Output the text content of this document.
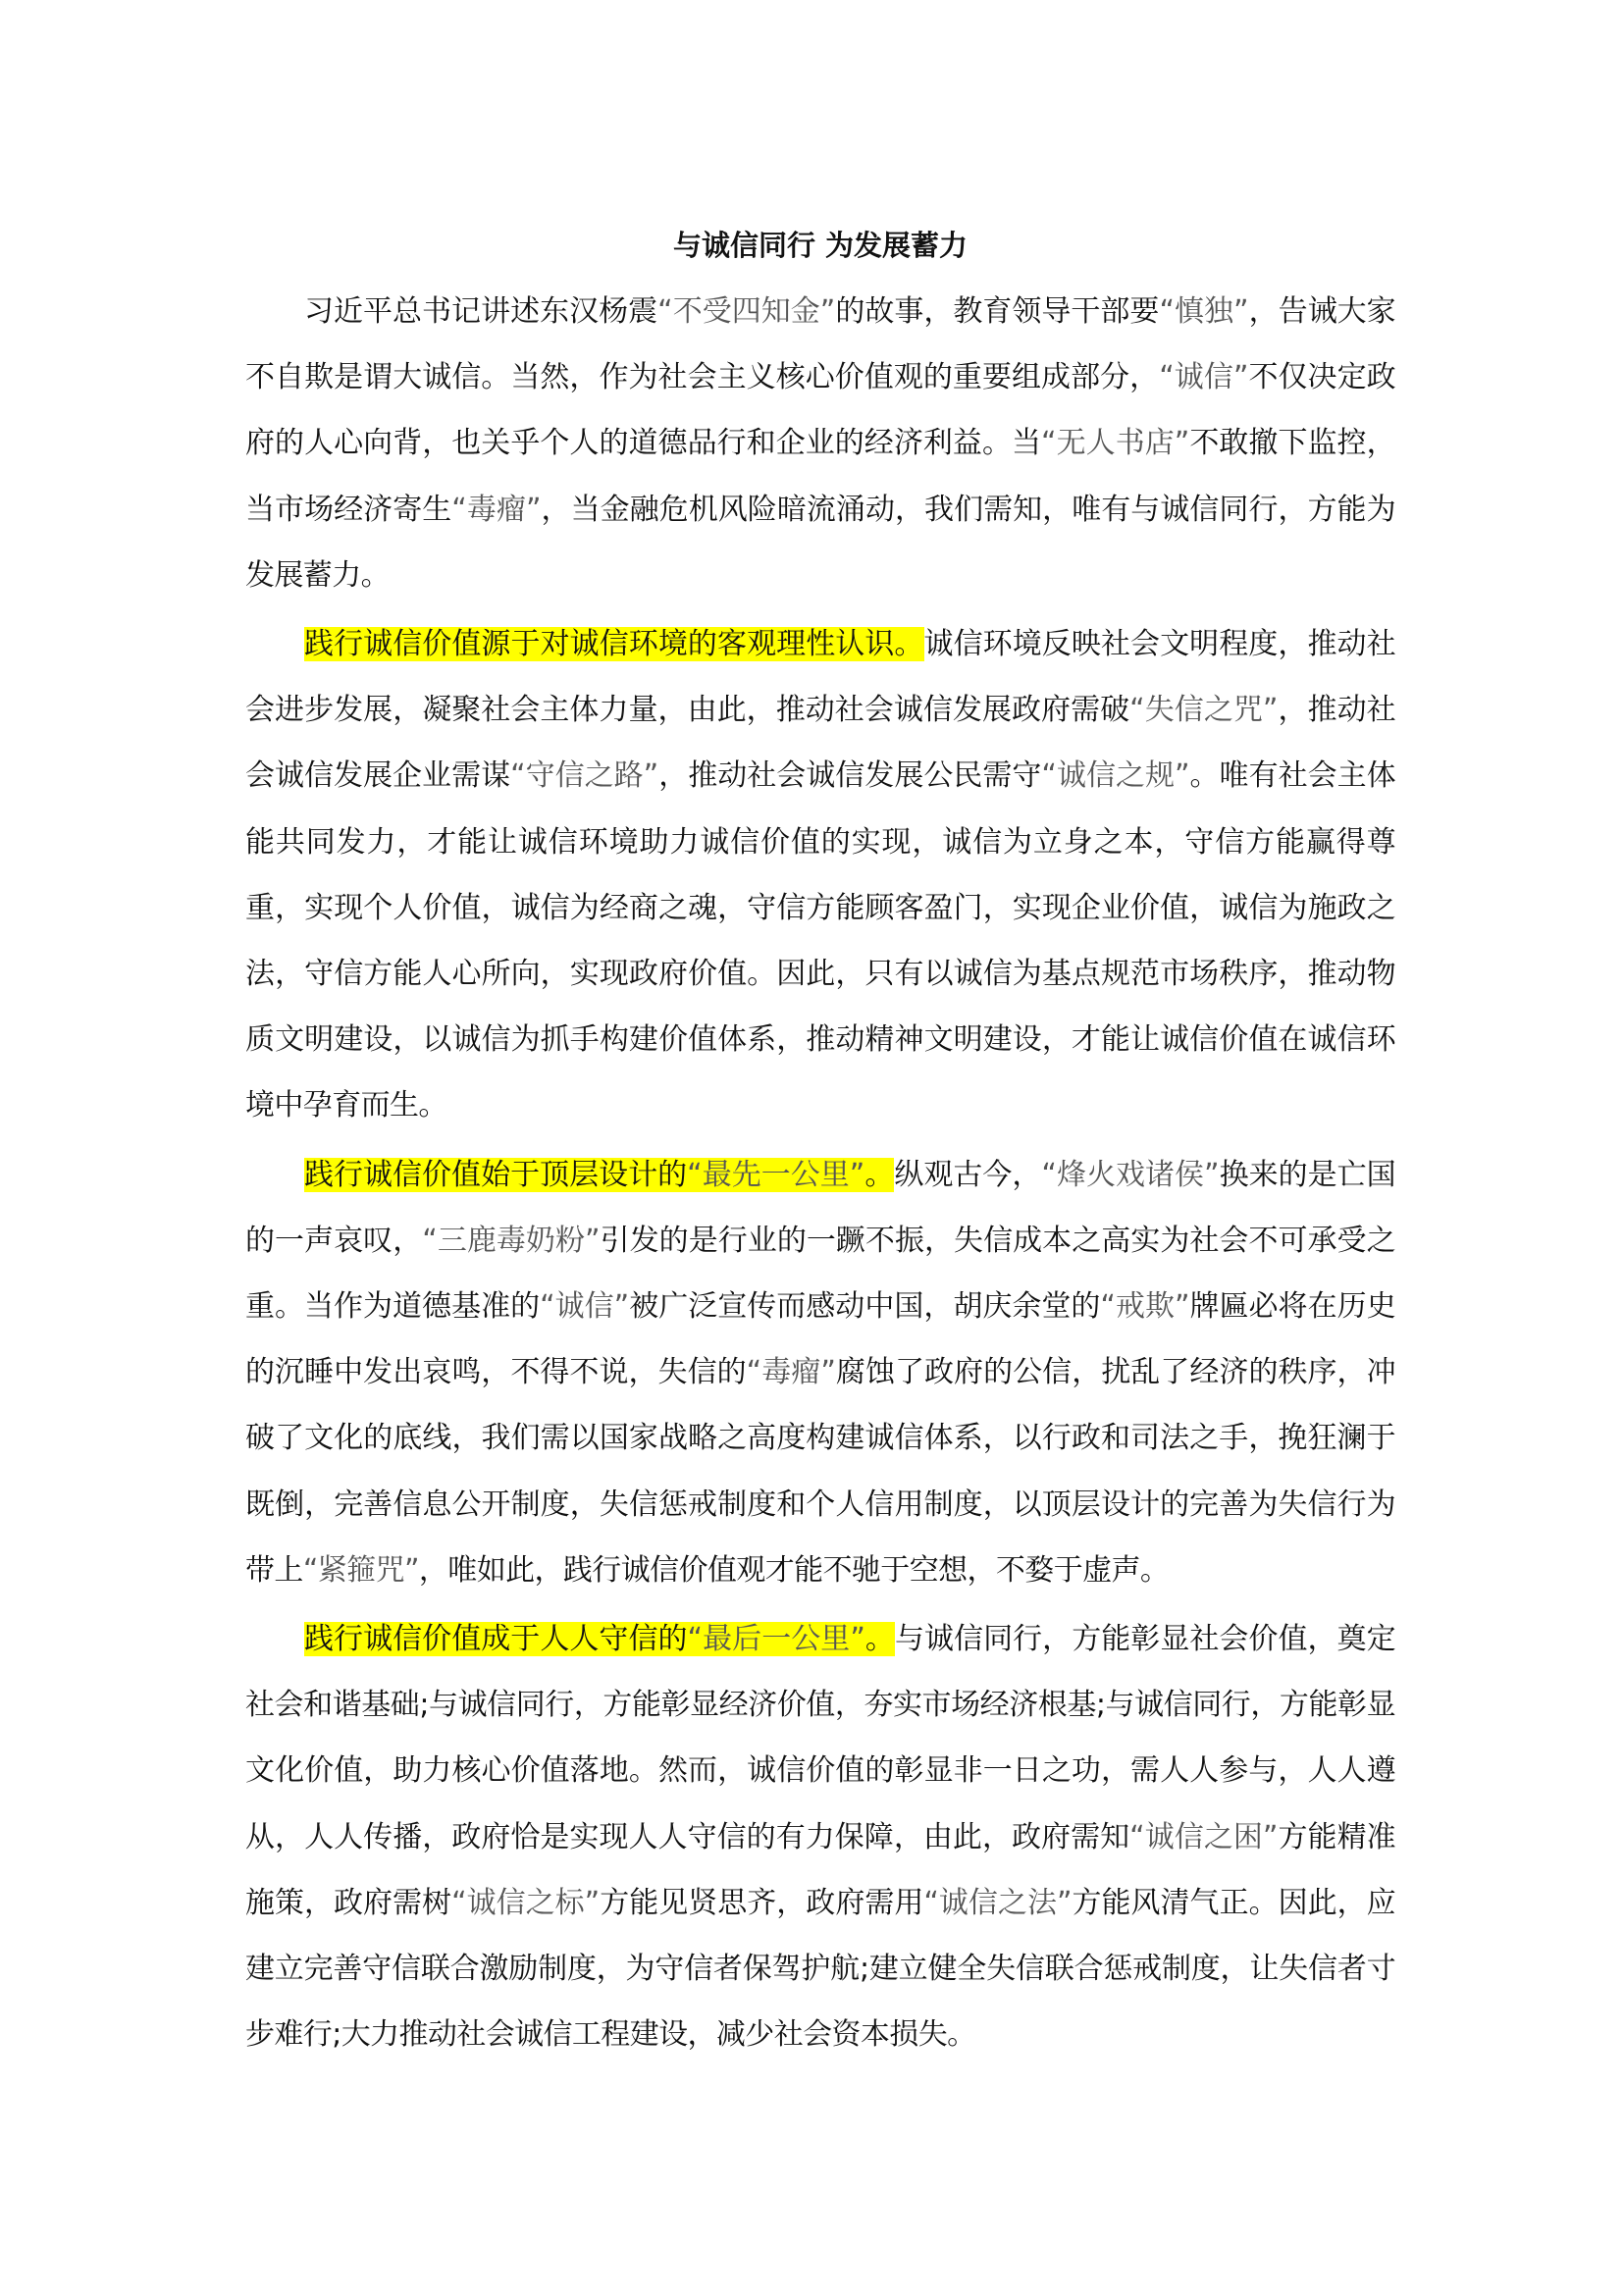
与诚信同行 为发展蓄力

习近平总书记讲述东汉杨震“不受四知金”的故事，教育领导干部要“慎独”，告诫大家不自欺是谓大诚信。当然，作为社会主义核心价值观的重要组成部分，“诚信”不仅决定政府的人心向背，也关乎个人的道德品行和企业的经济利益。当“无人书店”不敢撤下监控，当市场经济寄生“毒瘤”，当金融危机风险暗流涌动，我们需知，唯有与诚信同行，方能为发展蓄力。

践行诚信价值源于对诚信环境的客观理性认识。诚信环境反映社会文明程度，推动社会进步发展，凝聚社会主体力量，由此，推动社会诚信发展政府需破“失信之咒”，推动社会诚信发展企业需谋“守信之路”，推动社会诚信发展公民需守“诚信之规”。唯有社会主体能共同发力，才能让诚信环境助力诚信价值的实现，诚信为立身之本，守信方能赢得尊重，实现个人价值，诚信为经商之魂，守信方能顾客盈门，实现企业价值，诚信为施政之法，守信方能人心所向，实现政府价值。因此，只有以诚信为基点规范市场秩序，推动物质文明建设，以诚信为抓手构建价值体系，推动精神文明建设，才能让诚信价值在诚信环境中孕育而生。

践行诚信价值始于顶层设计的“最先一公里”。纵观古今，“烽火戏诸侯”换来的是亡国的一声哀叹，“三鹿毒奶粉”引发的是行业的一蹶不振，失信成本之高实为社会不可承受之重。当作为道德基准的“诚信”被广泛宣传而感动中国，胡庆余堂的“戒欺”牌匾必将在历史的沉睡中发出哀鸣，不得不说，失信的“毒瘤”腐蚀了政府的公信，扰乱了经济的秩序，冲破了文化的底线，我们需以国家战略之高度构建诚信体系，以行政和司法之手，挽狂澜于既倒，完善信息公开制度，失信惩戒制度和个人信用制度，以顶层设计的完善为失信行为带上“紧箍咒”，唯如此，践行诚信价值观才能不驰于空想，不婺于虚声。

践行诚信价值成于人人守信的“最后一公里”。与诚信同行，方能彰显社会价值，奠定社会和谐基础;与诚信同行，方能彰显经济价值，夯实市场经济根基;与诚信同行，方能彰显文化价值，助力核心价值落地。然而，诚信价值的彰显非一日之功，需人人参与，人人遵从，人人传播，政府恰是实现人人守信的有力保障，由此，政府需知“诚信之困”方能精准施策，政府需树“诚信之标”方能见贤思齐，政府需用“诚信之法”方能风清气正。因此，应建立完善守信联合激励制度，为守信者保驾护航;建立健全失信联合惩戒制度，让失信者寸步难行;大力推动社会诚信工程建设，减少社会资本损失。
